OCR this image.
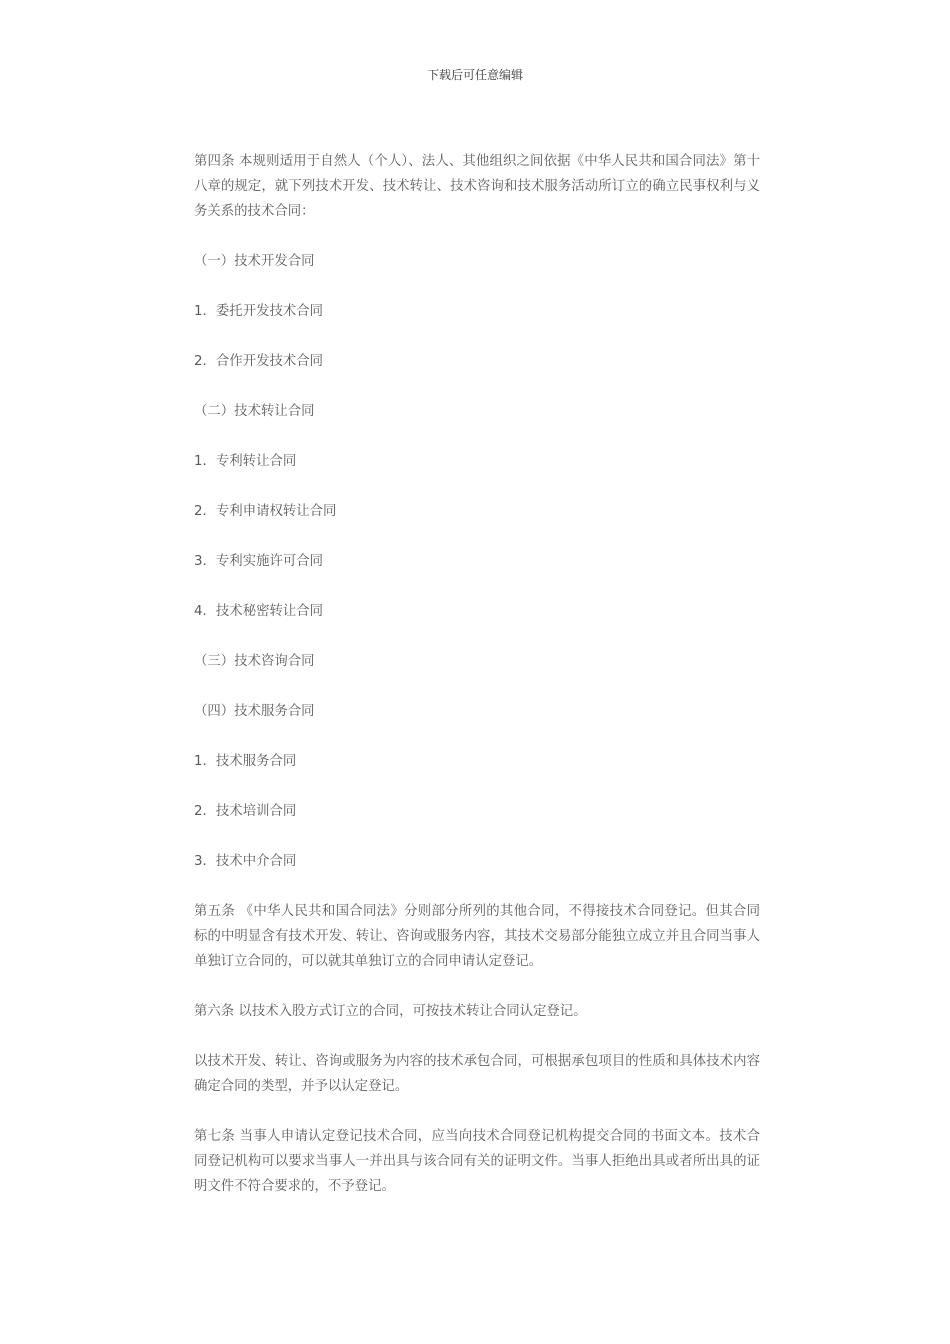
下载后可任意编辑

第四条 本规则适用于自然人（个人）、法人、其他组织之间依据《中华人民共和国合同法》第十八章的规定，就下列技术开发、技术转让、技术咨询和技术服务活动所订立的确立民事权利与义务关系的技术合同：

（一）技术开发合同

1．委托开发技术合同

2．合作开发技术合同

（二）技术转让合同

1．专利转让合同

2．专利申请权转让合同

3．专利实施许可合同

4．技术秘密转让合同

（三）技术咨询合同

（四）技术服务合同

1．技术服务合同

2．技术培训合同

3．技术中介合同

第五条 《中华人民共和国合同法》分则部分所列的其他合同，不得接技术合同登记。但其合同标的中明显含有技术开发、转让、咨询或服务内容，其技术交易部分能独立成立并且合同当事人单独订立合同的，可以就其单独订立的合同申请认定登记。

第六条 以技术入股方式订立的合同，可按技术转让合同认定登记。

以技术开发、转让、咨询或服务为内容的技术承包合同，可根据承包项目的性质和具体技术内容确定合同的类型，并予以认定登记。

第七条 当事人申请认定登记技术合同，应当向技术合同登记机构提交合同的书面文本。技术合同登记机构可以要求当事人一并出具与该合同有关的证明文件。当事人拒绝出具或者所出具的证明文件不符合要求的，不予登记。
